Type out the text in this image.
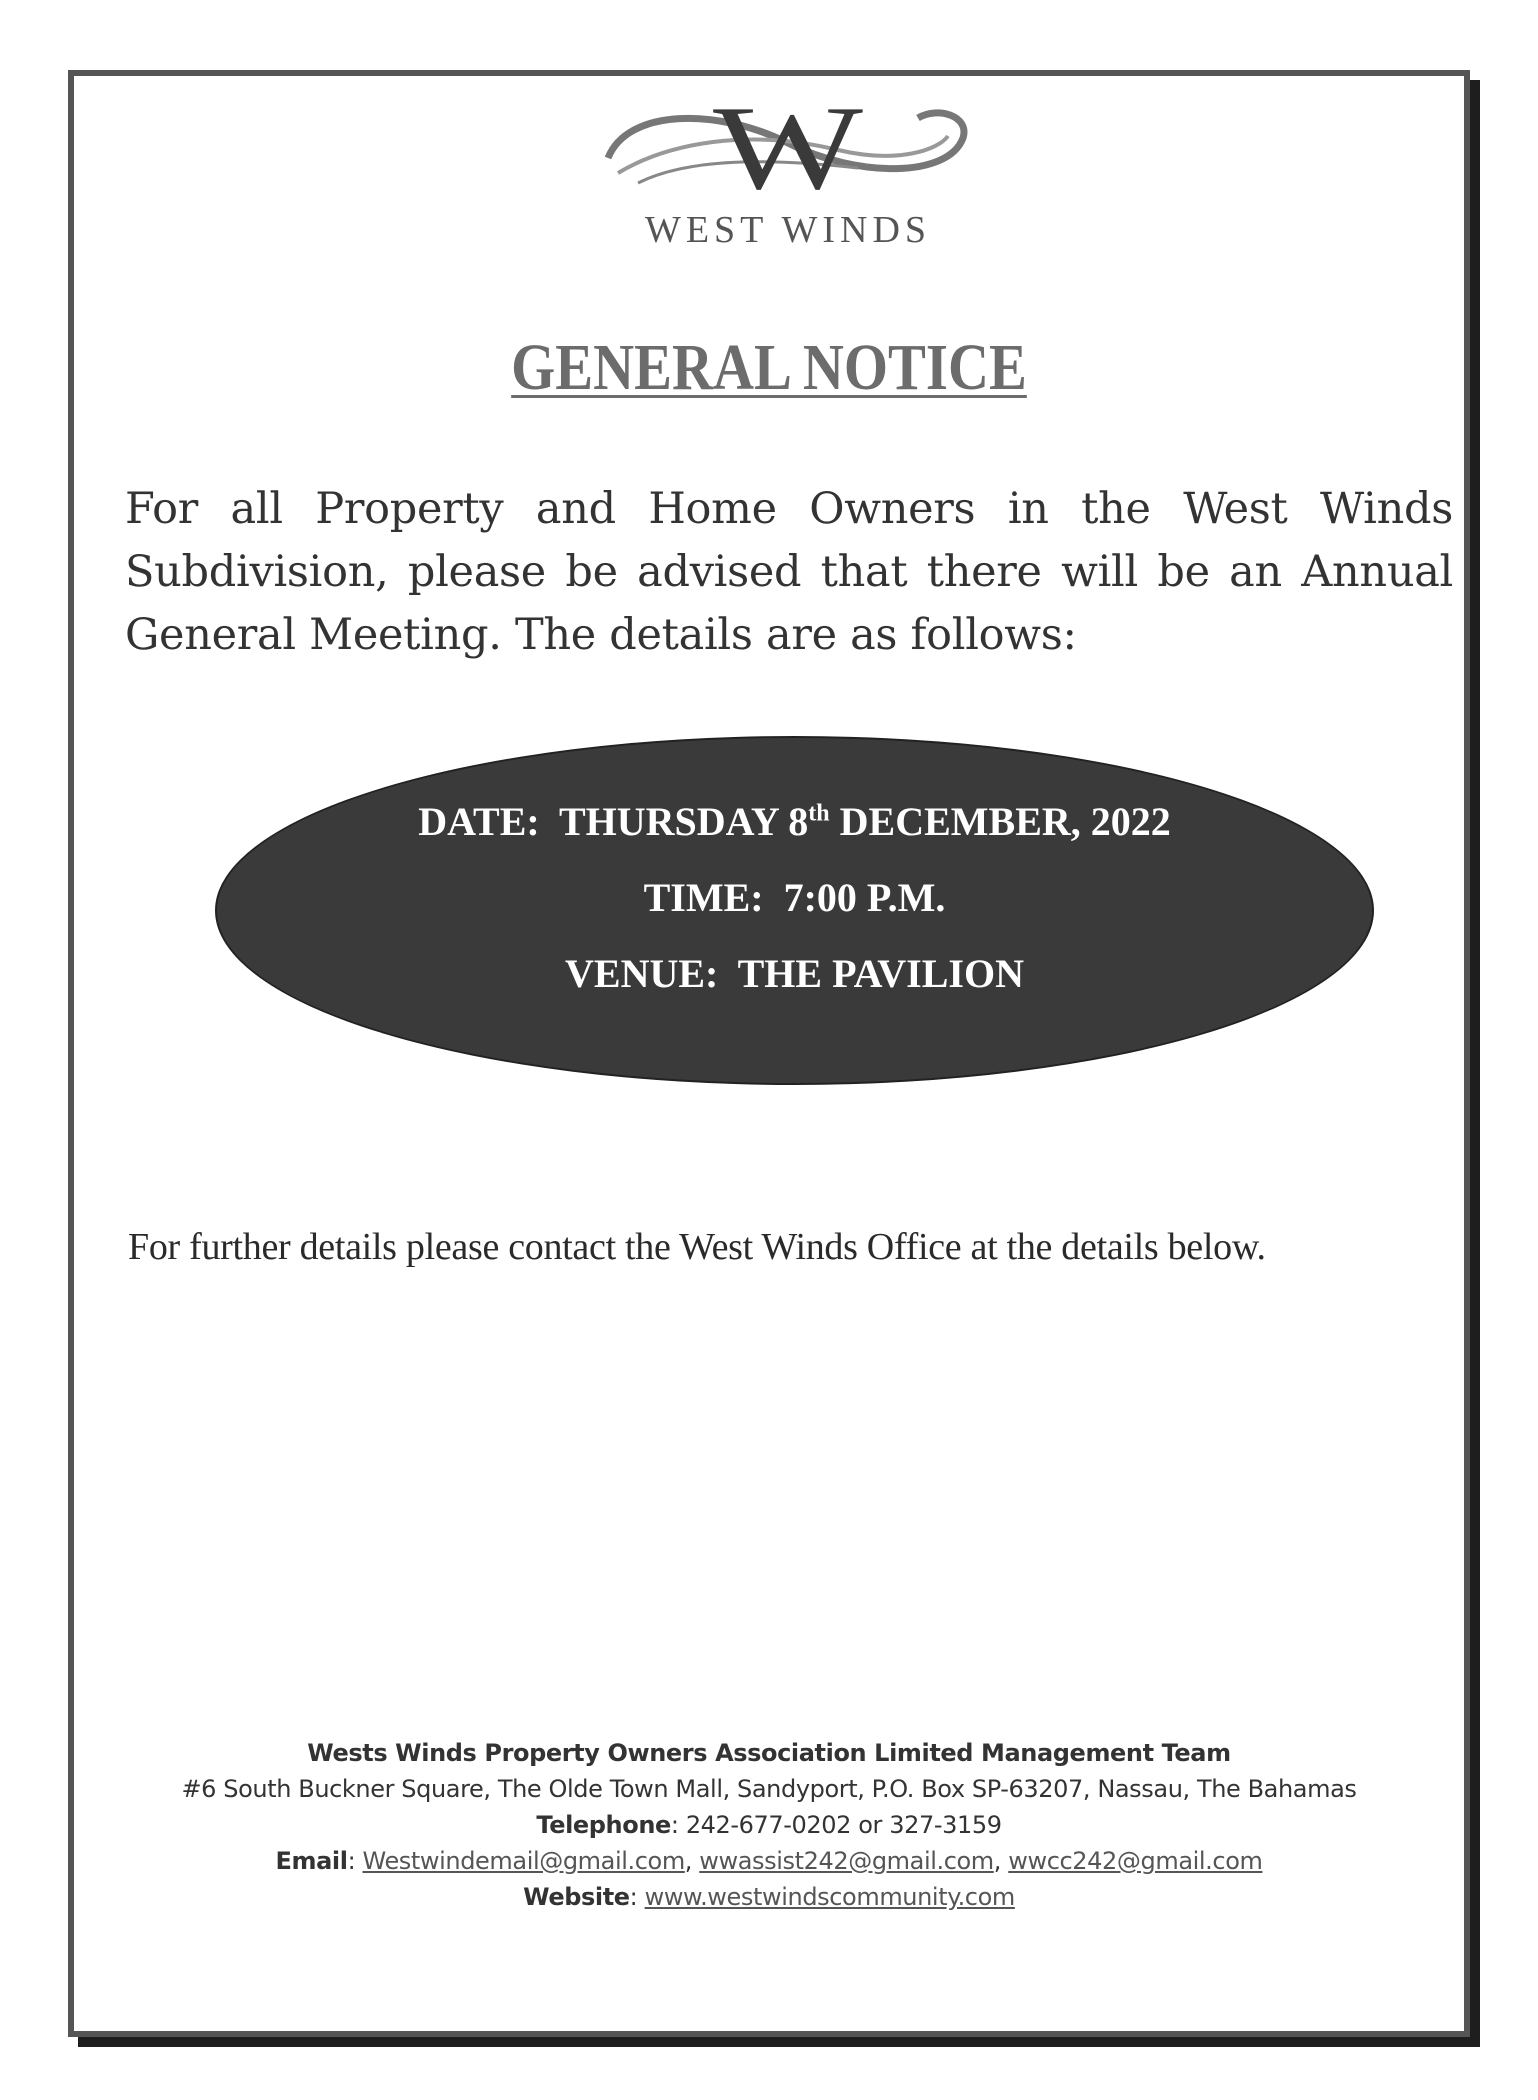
W
WEST WINDS
GENERAL NOTICE
For all Property and Home Owners in the West Winds Subdivision, please be advised that there will be an Annual General Meeting. The details are as follows:
DATE: THURSDAY 8th DECEMBER, 2022
TIME: 7:00 P.M.
VENUE: THE PAVILION
For further details please contact the West Winds Office at the details below.
Wests Winds Property Owners Association Limited Management Team
#6 South Buckner Square, The Olde Town Mall, Sandyport, P.O. Box SP-63207, Nassau, The Bahamas
Telephone: 242-677-0202 or 327-3159
Email: Westwindemail@gmail.com, wwassist242@gmail.com, wwcc242@gmail.com
Website: www.westwindscommunity.com
